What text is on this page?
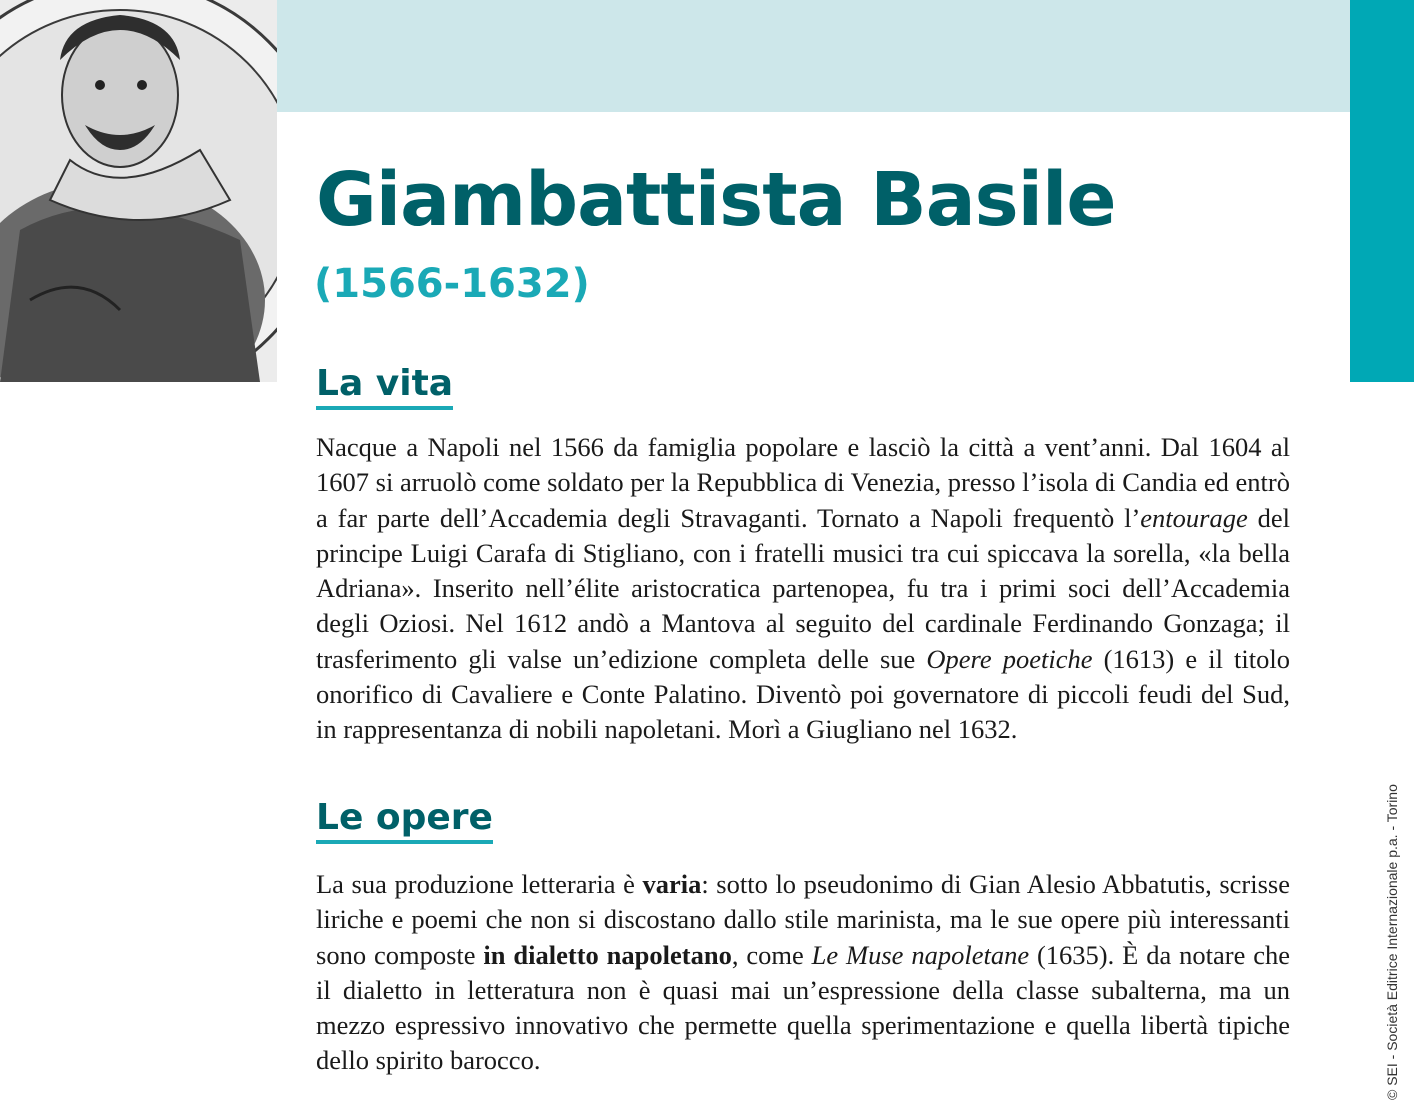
Giambattista Basile
(1566-1632)
La vita

Nacque a Napoli nel 1566 da famiglia popolare e lasciò la città a vent’anni. Dal 1604 al 1607 si arruolò come soldato per la Repubblica di Venezia, presso l’isola di Candia ed entrò a far parte dell’Accademia degli Stravaganti. Tornato a Napoli frequentò l’entourage del principe Luigi Carafa di Stigliano, con i fratelli musici tra cui spiccava la sorella, «la bella Adriana». Inserito nell’élite aristocratica partenopea, fu tra i primi soci dell’Accademia degli Oziosi. Nel 1612 andò a Mantova al seguito del cardinale Ferdinando Gonzaga; il trasferimento gli valse un’edizione completa delle sue Opere poetiche (1613) e il titolo onorifico di Cavaliere e Conte Palatino. Diventò poi governatore di piccoli feudi del Sud, in rappresentanza di nobili napoletani. Morì a Giugliano nel 1632.

Le opere

La sua produzione letteraria è varia: sotto lo pseudonimo di Gian Alesio Abbatutis, scrisse liriche e poemi che non si discostano dallo stile marinista, ma le sue opere più interessanti sono composte in dialetto napoletano, come Le Muse napoletane (1635). È da notare che il dialetto in letteratura non è quasi mai un’espressione della classe subalterna, ma un mezzo espressivo innovativo che permette quella sperimentazione e quella libertà tipiche dello spirito barocco.	© SEI - Società Editrice Internazionale p.a. - Torino
